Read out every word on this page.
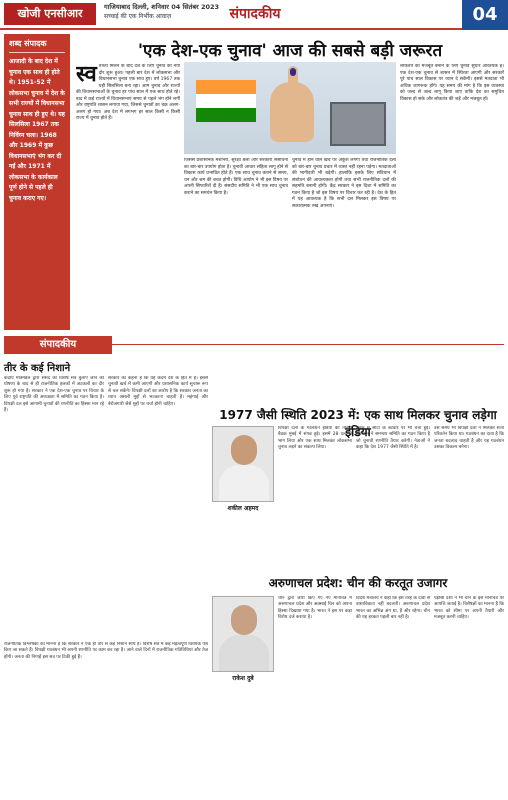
खोजी एनसीआर	गाजियाबाद दिल्ली, शनिवार 04 सितंबर 2023
सच्चाई की एक निर्भीक आवाज़	संपादकीय	04
शब्द संपादक
आजादी के बाद देश में चुनाव एक साथ ही होते थे। 1951-52 में लोकसभा चुनाव में देश के सभी राज्यों में विधानसभा चुनाव साथ ही हुए थे। यह सिलसिला 1967 तक निर्विघ्न चला। 1968 और 1969 में कुछ विधानसभाएं भंग कर दी गईं और 1971 में लोकसभा के कार्यकाल पूर्ण होने से पहले ही चुनाव कराए गए।
'एक देश-एक चुनाव' आज की सबसे बड़ी जरूरत
स्व तंत्रता मिलने के बाद देश के लिए चुनाव का नया दौर शुरू हुआ। पहली बार देश में लोकसभा और विधानसभा चुनाव एक साथ हुए। वर्ष 1967 तक यही सिलसिला बना रहा। आम चुनाव और राज्यों की विधानसभाओं के चुनाव हर पांच साल में एक साथ होते रहे। बाद में कई राज्यों में विधानसभाएं समय से पहले भंग होने लगीं और राष्ट्रपति शासन लगाया गया, जिससे चुनावों का चक्र अलग-अलग हो गया। अब देश में लगभग हर साल किसी न किसी राज्य में चुनाव होते हैं।
जिससे प्रशासनिक मशीनरी, सुरक्षा बलों और सरकारी संसाधनों का बार-बार उपयोग होता है। चुनावी आचार संहिता लागू होने से विकास कार्य प्रभावित होते हैं। एक साथ चुनाव कराने से समय, धन और श्रम की बचत होगी। विधि आयोग ने भी इस विषय पर अपनी सिफारिशें दी हैं। संसदीय समिति ने भी एक साथ चुनाव कराने का समर्थन किया है।
चुनाव में होने वाले खर्च पर अंकुश लगेगा तथा राजनीतिक दलों को बार-बार चुनाव प्रचार में व्यस्त नहीं रहना पड़ेगा। मतदाताओं की भागीदारी भी बढ़ेगी। हालांकि इसके लिए संविधान में संशोधन की आवश्यकता होगी तथा सभी राजनीतिक दलों की सहमति बनानी होगी। केंद्र सरकार ने इस दिशा में समिति का गठन किया है जो इस विषय पर विचार कर रही है। देश के हित में यह आवश्यक है कि सभी दल मिलकर इस विषय पर सकारात्मक रुख अपनाएं।
लोकतंत्र को मजबूत बनाने के लिए चुनाव सुधार आवश्यक हैं। एक देश-एक चुनाव से शासन में स्थिरता आएगी और सरकारें पूरे पांच साल विकास पर ध्यान दे सकेंगी। इससे मतदाता भी अधिक जागरूक होंगे। यह समय की मांग है कि इस व्यवस्था को जल्द से जल्द लागू किया जाए ताकि देश का समुचित विकास हो सके और लोकतंत्र की जड़ें और मजबूत हों।
संपादकीय
तीर के कई निशाने
केंद्रीय मंत्रिमंडल द्वारा संसद का विशेष सत्र बुलाए जाने की घोषणा के बाद से ही राजनीतिक हलकों में अटकलों का दौर शुरू हो गया है। सरकार ने एक देश-एक चुनाव पर विचार के लिए पूर्व राष्ट्रपति की अध्यक्षता में समिति का गठन किया है। विपक्षी दल इसे आगामी चुनावों की रणनीति का हिस्सा मान रहे हैं।
सरकार का कहना है कि यह कदम देश के हित में है। इससे चुनावी खर्च में कमी आएगी और प्रशासनिक कार्य सुचारू रूप से चल सकेंगे। विपक्षी दलों का आरोप है कि सरकार जनता का ध्यान असली मुद्दों से भटकाना चाहती है। महंगाई और बेरोजगारी जैसे मुद्दों पर चर्चा होनी चाहिए।
राजनीतिक विश्लेषकों का मानना है कि सरकार ने एक ही तीर से कई निशाने साधे हैं। विशेष सत्र में कई महत्वपूर्ण विधेयक पेश किए जा सकते हैं। विपक्षी गठबंधन भी अपनी रणनीति पर काम कर रहा है। आने वाले दिनों में राजनीतिक गतिविधियां और तेज होंगी। जनता की निगाहें इस सत्र पर टिकी हुई हैं।
1977 जैसी स्थिति 2023 में: एक साथ मिलकर चुनाव लड़ेगा इंडिया
शकील अहमद
विपक्षी दलों के गठबंधन इंडिया की तीसरी बैठक मुंबई में संपन्न हुई। इसमें 28 दलों ने भाग लिया और एक साथ मिलकर लोकसभा चुनाव लड़ने का संकल्प लिया।
बैठक में सीटों के बंटवारे पर भी चर्चा हुई। गठबंधन ने समन्वय समिति का गठन किया है जो चुनावी रणनीति तैयार करेगी। नेताओं ने कहा कि देश 1977 जैसी स्थिति में है।
उस समय भी विपक्षी दलों ने मिलकर सत्ता परिवर्तन किया था। गठबंधन का दावा है कि जनता बदलाव चाहती है और यह गठबंधन उसका विकल्प बनेगा।
अरुणाचल प्रदेश: चीन की करतूत उजागर
राकेश दुबे
चीन द्वारा जारी किए गए नए मानचित्र में अरुणाचल प्रदेश और अक्साई चिन को अपना हिस्सा दिखाया गया है। भारत ने इस पर कड़ा विरोध दर्ज कराया है।
विदेश मंत्रालय ने कहा कि इस तरह के दावों से वास्तविकता नहीं बदलती। अरुणाचल प्रदेश भारत का अभिन्न अंग था, है और रहेगा। चीन की यह हरकत पहली बार नहीं है।
पड़ोसी देशों ने भी चीन के इस मानचित्र पर आपत्ति जताई है। विशेषज्ञों का मानना है कि भारत को सीमा पर अपनी तैयारी और मजबूत करनी चाहिए।
